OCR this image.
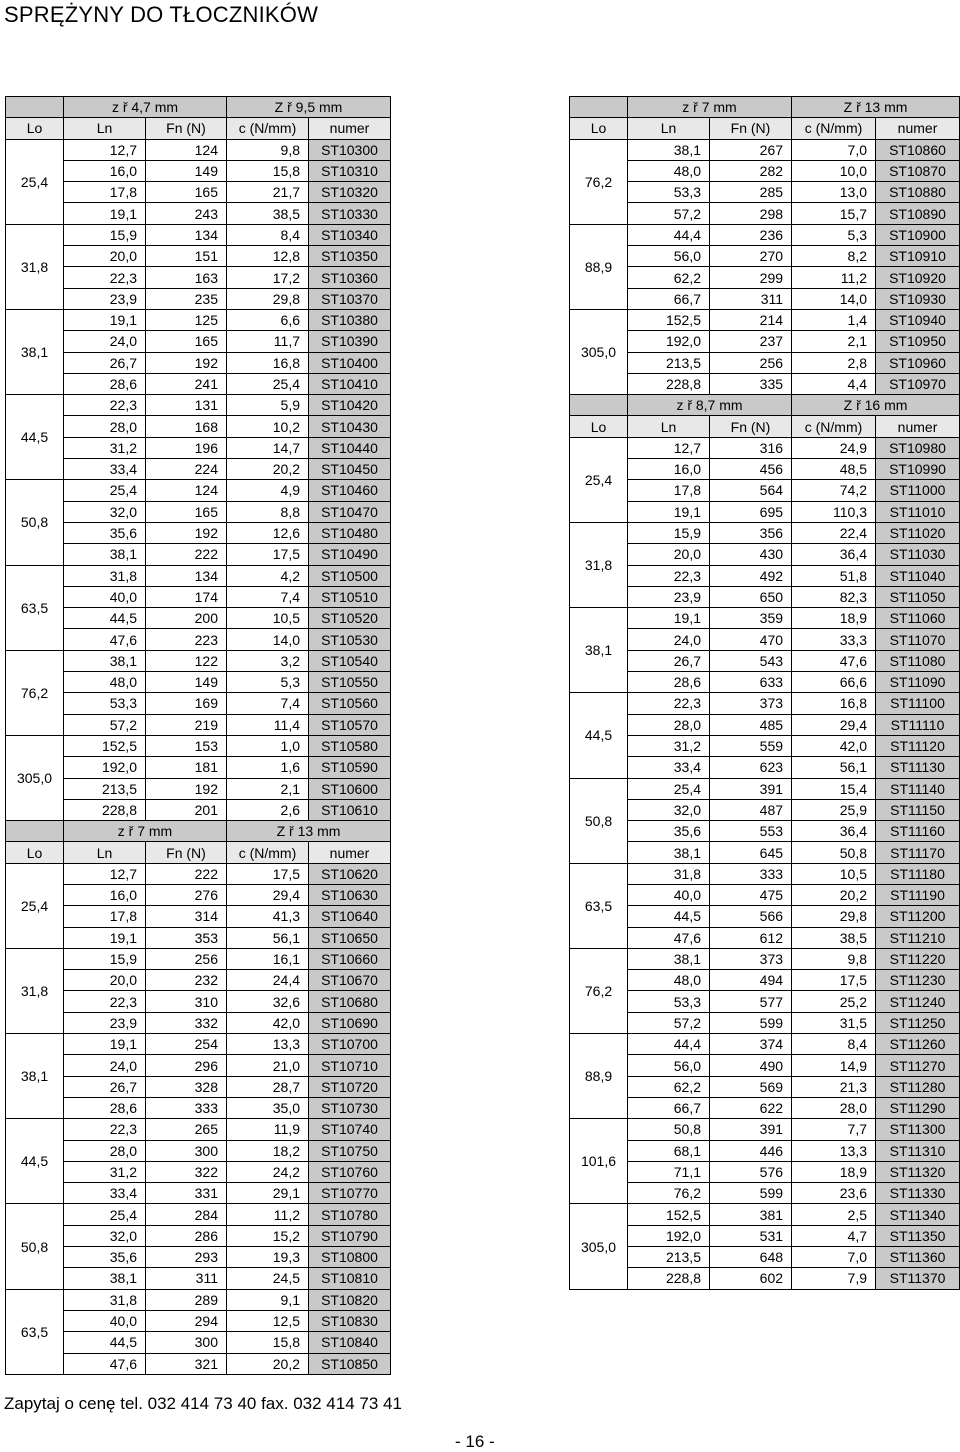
SPRĘŻYNY DO TŁOCZNIKÓW
	z ř 4,7 mm		Z ř 9,5 mm	
Lo	Ln	Fn (N)	c (N/mm)	numer
25,4	12,7	124	9,8	ST10300
	16,0	149	15,8	ST10310
	17,8	165	21,7	ST10320
	19,1	243	38,5	ST10330
31,8	15,9	134	8,4	ST10340
	20,0	151	12,8	ST10350
	22,3	163	17,2	ST10360
	23,9	235	29,8	ST10370
38,1	19,1	125	6,6	ST10380
	24,0	165	11,7	ST10390
	26,7	192	16,8	ST10400
	28,6	241	25,4	ST10410
44,5	22,3	131	5,9	ST10420
	28,0	168	10,2	ST10430
	31,2	196	14,7	ST10440
	33,4	224	20,2	ST10450
50,8	25,4	124	4,9	ST10460
	32,0	165	8,8	ST10470
	35,6	192	12,6	ST10480
	38,1	222	17,5	ST10490
63,5	31,8	134	4,2	ST10500
	40,0	174	7,4	ST10510
	44,5	200	10,5	ST10520
	47,6	223	14,0	ST10530
76,2	38,1	122	3,2	ST10540
	48,0	149	5,3	ST10550
	53,3	169	7,4	ST10560
	57,2	219	11,4	ST10570
305,0	152,5	153	1,0	ST10580
	192,0	181	1,6	ST10590
	213,5	192	2,1	ST10600
	228,8	201	2,6	ST10610
	z ř 7 mm		Z ř 13 mm	
Lo	Ln	Fn (N)	c (N/mm)	numer
25,4	12,7	222	17,5	ST10620
	16,0	276	29,4	ST10630
	17,8	314	41,3	ST10640
	19,1	353	56,1	ST10650
31,8	15,9	256	16,1	ST10660
	20,0	232	24,4	ST10670
	22,3	310	32,6	ST10680
	23,9	332	42,0	ST10690
38,1	19,1	254	13,3	ST10700
	24,0	296	21,0	ST10710
	26,7	328	28,7	ST10720
	28,6	333	35,0	ST10730
44,5	22,3	265	11,9	ST10740
	28,0	300	18,2	ST10750
	31,2	322	24,2	ST10760
	33,4	331	29,1	ST10770
50,8	25,4	284	11,2	ST10780
	32,0	286	15,2	ST10790
	35,6	293	19,3	ST10800
	38,1	311	24,5	ST10810
63,5	31,8	289	9,1	ST10820
	40,0	294	12,5	ST10830
	44,5	300	15,8	ST10840
	47,6	321	20,2	ST10850
	z ř 7 mm		Z ř 13 mm	
Lo	Ln	Fn (N)	c (N/mm)	numer
76,2	38,1	267	7,0	ST10860
	48,0	282	10,0	ST10870
	53,3	285	13,0	ST10880
	57,2	298	15,7	ST10890
88,9	44,4	236	5,3	ST10900
	56,0	270	8,2	ST10910
	62,2	299	11,2	ST10920
	66,7	311	14,0	ST10930
305,0	152,5	214	1,4	ST10940
	192,0	237	2,1	ST10950
	213,5	256	2,8	ST10960
	228,8	335	4,4	ST10970
	z ř 8,7 mm		Z ř 16 mm	
Lo	Ln	Fn (N)	c (N/mm)	numer
25,4	12,7	316	24,9	ST10980
	16,0	456	48,5	ST10990
	17,8	564	74,2	ST11000
	19,1	695	110,3	ST11010
31,8	15,9	356	22,4	ST11020
	20,0	430	36,4	ST11030
	22,3	492	51,8	ST11040
	23,9	650	82,3	ST11050
38,1	19,1	359	18,9	ST11060
	24,0	470	33,3	ST11070
	26,7	543	47,6	ST11080
	28,6	633	66,6	ST11090
44,5	22,3	373	16,8	ST11100
	28,0	485	29,4	ST11110
	31,2	559	42,0	ST11120
	33,4	623	56,1	ST11130
50,8	25,4	391	15,4	ST11140
	32,0	487	25,9	ST11150
	35,6	553	36,4	ST11160
	38,1	645	50,8	ST11170
63,5	31,8	333	10,5	ST11180
	40,0	475	20,2	ST11190
	44,5	566	29,8	ST11200
	47,6	612	38,5	ST11210
76,2	38,1	373	9,8	ST11220
	48,0	494	17,5	ST11230
	53,3	577	25,2	ST11240
	57,2	599	31,5	ST11250
88,9	44,4	374	8,4	ST11260
	56,0	490	14,9	ST11270
	62,2	569	21,3	ST11280
	66,7	622	28,0	ST11290
101,6	50,8	391	7,7	ST11300
	68,1	446	13,3	ST11310
	71,1	576	18,9	ST11320
	76,2	599	23,6	ST11330
305,0	152,5	381	2,5	ST11340
	192,0	531	4,7	ST11350
	213,5	648	7,0	ST11360
	228,8	602	7,9	ST11370
Zapytaj o cenę tel. 032 414 73 40 fax. 032 414 73 41
- 16 -
